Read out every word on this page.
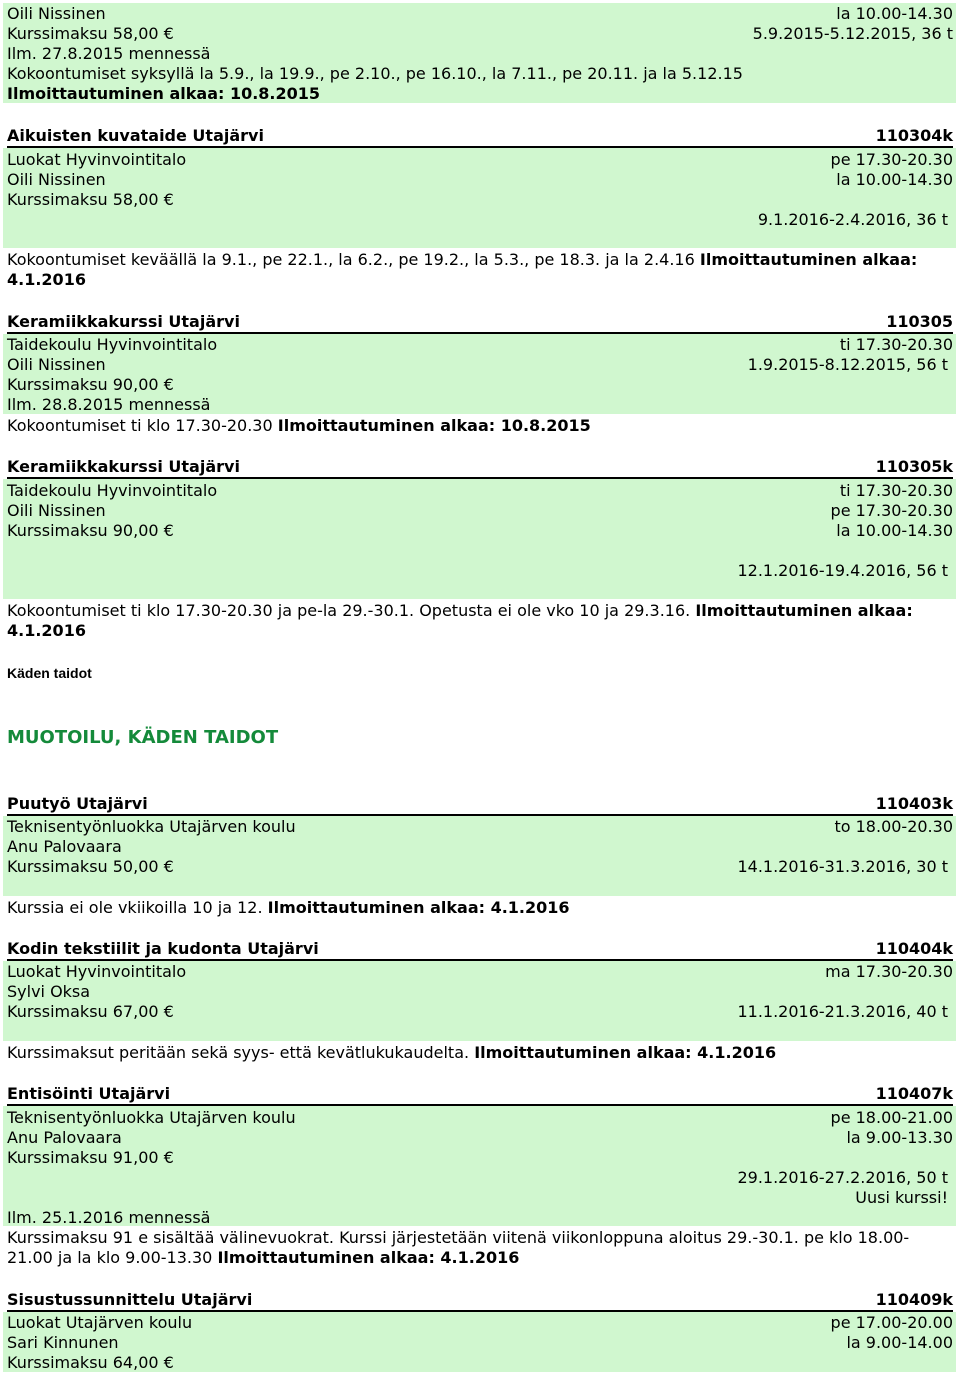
Oili Nissinen	la 10.00-14.30
Kurssimaksu 58,00 €	5.9.2015-5.12.2015, 36 t
Ilm. 27.8.2015 mennessä
Kokoontumiset syksyllä la 5.9., la 19.9., pe 2.10., pe 16.10., la 7.11., pe 20.11. ja la 5.12.15
Ilmoittautuminen alkaa: 10.8.2015
Aikuisten kuvataide Utajärvi	110304k
Luokat Hyvinvointitalo	pe 17.30-20.30
Oili Nissinen	la 10.00-14.30
Kurssimaksu 58,00 €
9.1.2016-2.4.2016, 36 t
Kokoontumiset keväällä la 9.1., pe 22.1., la 6.2., pe 19.2., la 5.3., pe 18.3. ja la 2.4.16 Ilmoittautuminen alkaa: 4.1.2016
Keramiikkakurssi Utajärvi	110305
Taidekoulu Hyvinvointitalo	ti 17.30-20.30
Oili Nissinen	1.9.2015-8.12.2015, 56 t
Kurssimaksu 90,00 €
Ilm. 28.8.2015 mennessä
Kokoontumiset ti klo 17.30-20.30 Ilmoittautuminen alkaa: 10.8.2015
Keramiikkakurssi Utajärvi	110305k
Taidekoulu Hyvinvointitalo	ti 17.30-20.30
Oili Nissinen	pe 17.30-20.30
Kurssimaksu 90,00 €	la 10.00-14.30
12.1.2016-19.4.2016, 56 t
Kokoontumiset ti klo 17.30-20.30 ja pe-la 29.-30.1. Opetusta ei ole vko 10 ja 29.3.16. Ilmoittautuminen alkaa: 4.1.2016
Käden taidot
MUOTOILU, KÄDEN TAIDOT
Puutyö Utajärvi	110403k
Teknisentyönluokka Utajärven koulu	to 18.00-20.30
Anu Palovaara
Kurssimaksu 50,00 €	14.1.2016-31.3.2016, 30 t
Kurssia ei ole vkiikoilla 10 ja 12. Ilmoittautuminen alkaa: 4.1.2016
Kodin tekstiilit ja kudonta Utajärvi	110404k
Luokat Hyvinvointitalo	ma 17.30-20.30
Sylvi Oksa
Kurssimaksu 67,00 €	11.1.2016-21.3.2016, 40 t
Kurssimaksut peritään sekä syys- että kevätlukukaudelta. Ilmoittautuminen alkaa: 4.1.2016
Entisöinti Utajärvi	110407k
Teknisentyönluokka Utajärven koulu	pe 18.00-21.00
Anu Palovaara	la 9.00-13.30
Kurssimaksu 91,00 €
29.1.2016-27.2.2016, 50 t
Uusi kurssi!
Ilm. 25.1.2016 mennessä
Kurssimaksu 91 e sisältää välinevuokrat. Kurssi järjestetään viitenä viikonloppuna aloitus 29.-30.1. pe klo 18.00-21.00 ja la klo 9.00-13.30 Ilmoittautuminen alkaa: 4.1.2016
Sisustussunnittelu Utajärvi	110409k
Luokat Utajärven koulu	pe 17.00-20.00
Sari Kinnunen	la 9.00-14.00
Kurssimaksu 64,00 €
